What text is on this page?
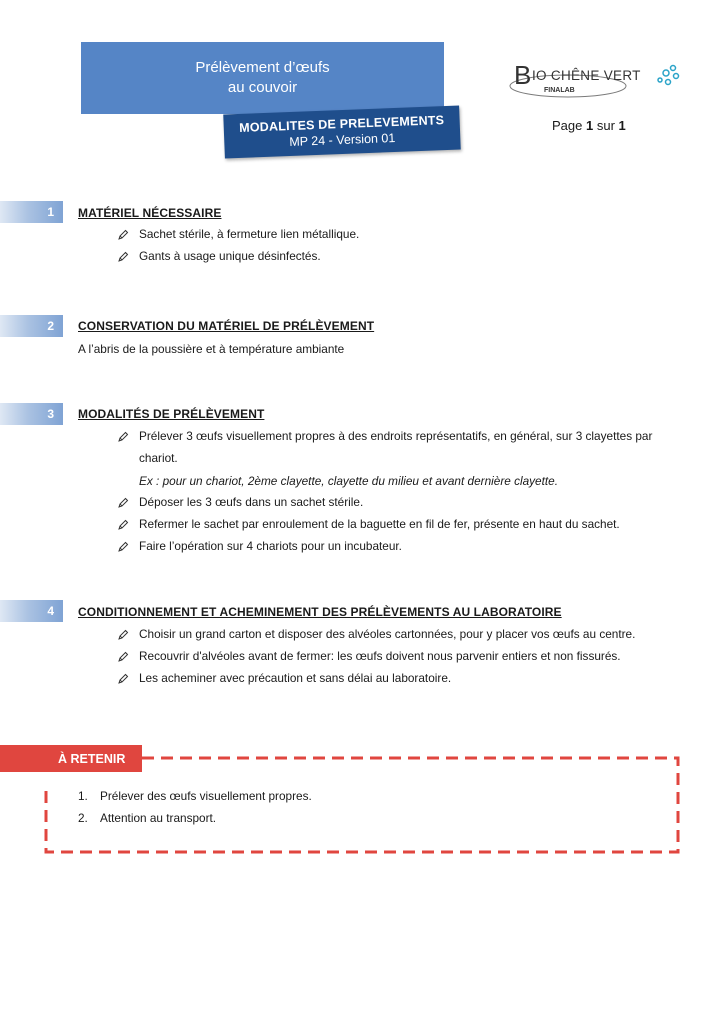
Prélèvement d’œufs
au couvoir
MODALITES DE PRELEVEMENTS
MP 24 - Version 01
B IO CHÊNE VERT
FINALAB
Page 1 sur 1
1	MATÉRIEL NÉCESSAIRE
Sachet stérile, à fermeture lien métallique.
Gants à usage unique désinfectés.
2	CONSERVATION DU MATÉRIEL DE PRÉLÈVEMENT
A l’abris de la poussière et à température ambiante
3	MODALITÉS DE PRÉLÈVEMENT
Prélever 3 œufs visuellement propres à des endroits représentatifs, en général, sur 3 clayettes par
chariot.
Ex : pour un chariot, 2ème clayette, clayette du milieu et avant dernière clayette.
Déposer les 3 œufs dans un sachet stérile.
Refermer le sachet par enroulement de la baguette en fil de fer, présente en haut du sachet.
Faire l’opération sur 4 chariots pour un incubateur.
4	CONDITIONNEMENT ET ACHEMINEMENT DES PRÉLÈVEMENTS AU LABORATOIRE
Choisir un grand carton et disposer des alvéoles cartonnées, pour y placer vos œufs au centre.
Recouvrir d'alvéoles avant de fermer: les œufs doivent nous parvenir entiers et non fissurés.
Les acheminer avec précaution et sans délai au laboratoire.
À RETENIR
1. Prélever des œufs visuellement propres.
2. Attention au transport.
